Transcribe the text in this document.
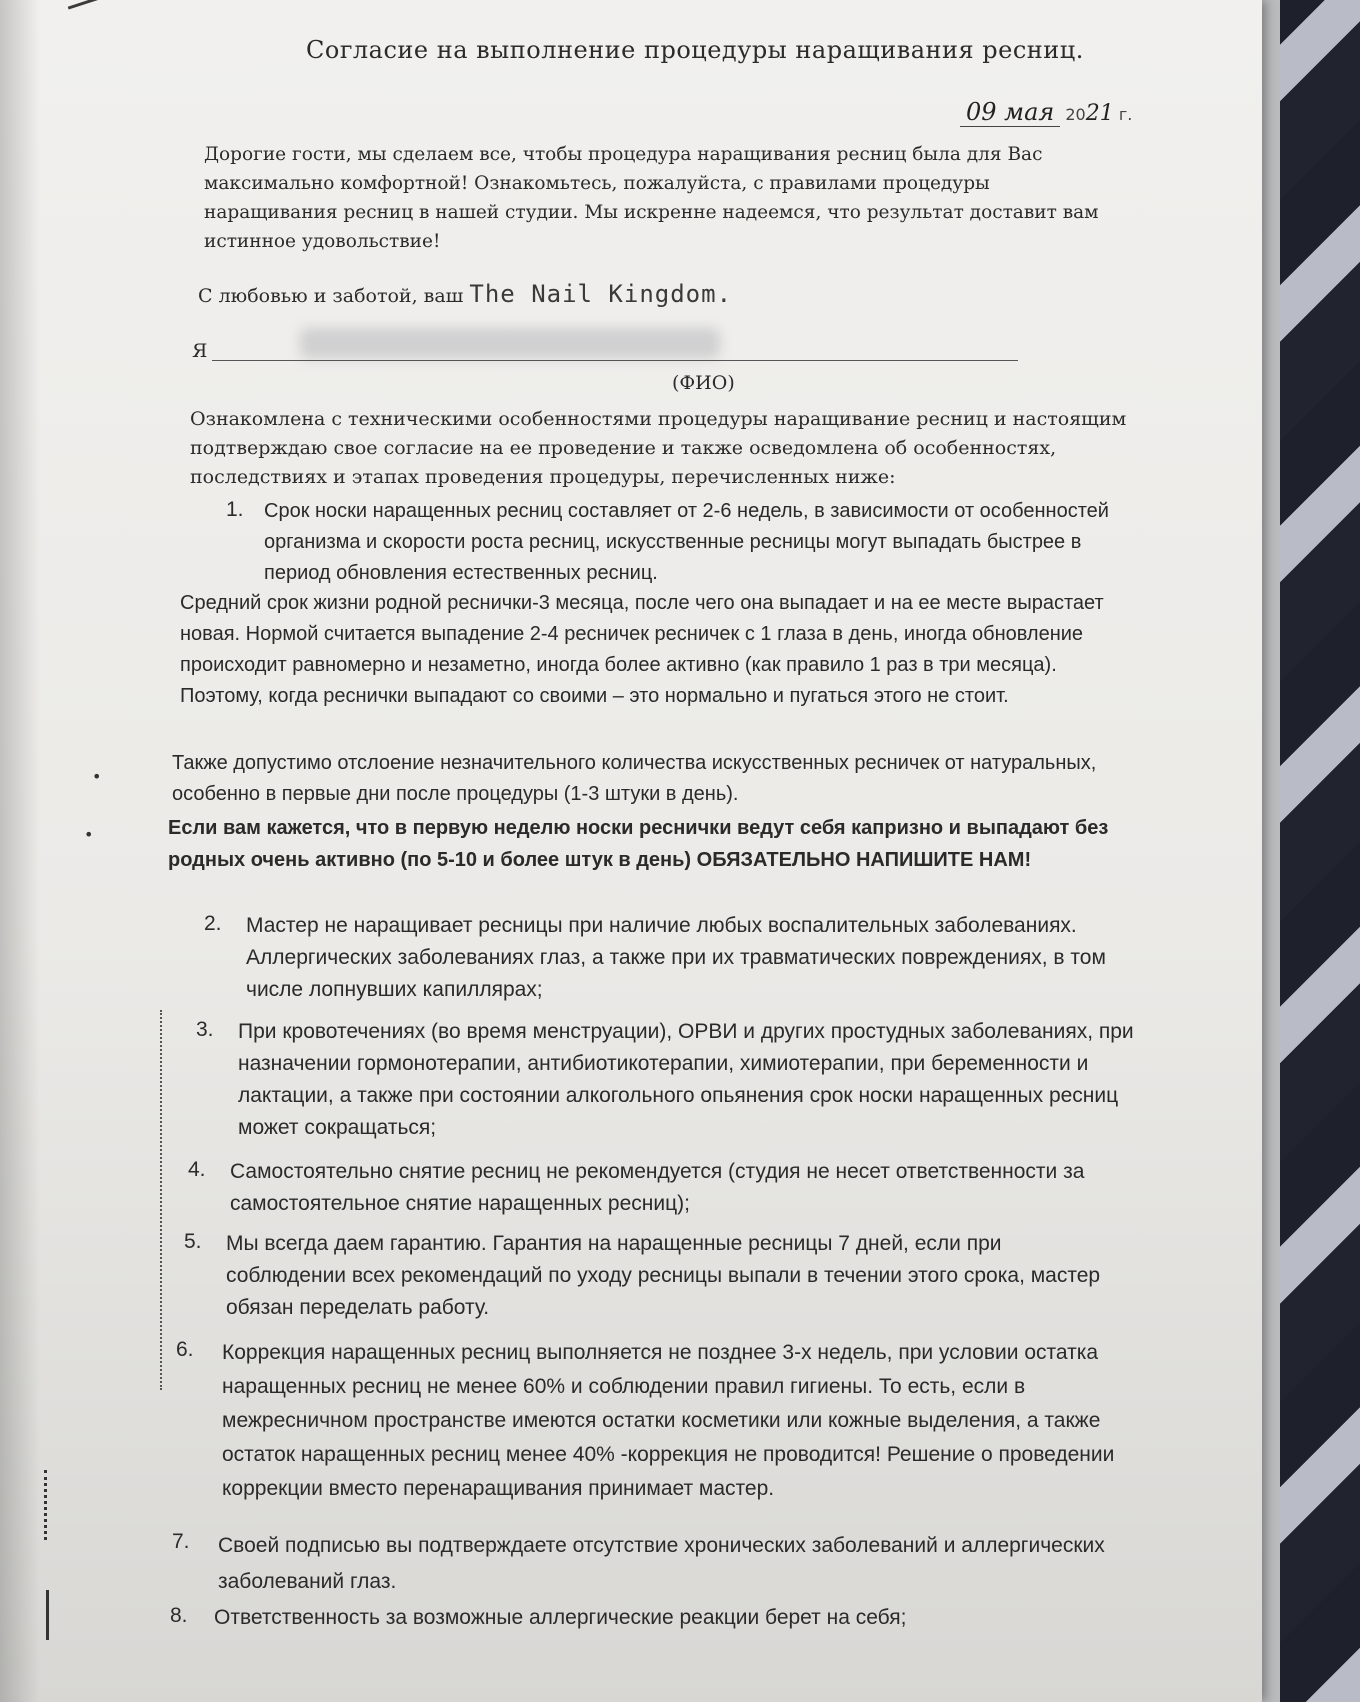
Согласие на выполнение процедуры наращивания ресниц.
09 мая 2021 г.
Дорогие гости, мы сделаем все, чтобы процедура наращивания ресниц была для Вас
максимально комфортной! Ознакомьтесь, пожалуйста, с правилами процедуры
наращивания ресниц в нашей студии. Мы искренне надеемся, что результат доставит вам
истинное удовольствие!
С любовью и заботой, ваш The Nail Kingdom.
Я
(ФИО)
Ознакомлена с техническими особенностями процедуры наращивание ресниц и настоящим
подтверждаю свое согласие на ее проведение и также осведомлена об особенностях,
последствиях и этапах проведения процедуры, перечисленных ниже:
1. Срок носки наращенных ресниц составляет от 2-6 недель, в зависимости от особенностей
организма и скорости роста ресниц, искусственные ресницы могут выпадать быстрее в
период обновления естественных ресниц.
Средний срок жизни родной реснички-3 месяца, после чего она выпадает и на ее месте вырастает
новая. Нормой считается выпадение 2-4 ресничек ресничек с 1 глаза в день, иногда обновление
происходит равномерно и незаметно, иногда более активно (как правило 1 раз в три месяца).
Поэтому, когда реснички выпадают со своими – это нормально и пугаться этого не стоит.
Также допустимо отслоение незначительного количества искусственных ресничек от натуральных,
особенно в первые дни после процедуры (1-3 штуки в день).
Если вам кажется, что в первую неделю носки реснички ведут себя капризно и выпадают без
родных очень активно (по 5-10 и более штук в день) ОБЯЗАТЕЛЬНО НАПИШИТЕ НАМ!
2. Мастер не наращивает ресницы при наличие любых воспалительных заболеваниях.
Аллергических заболеваниях глаз, а также при их травматических повреждениях, в том
числе лопнувших капиллярах;
3. При кровотечениях (во время менструации), ОРВИ и других простудных заболеваниях, при
назначении гормонотерапии, антибиотикотерапии, химиотерапии, при беременности и
лактации, а также при состоянии алкогольного опьянения срок носки наращенных ресниц
может сокращаться;
4. Самостоятельно снятие ресниц не рекомендуется (студия не несет ответственности за
самостоятельное снятие наращенных ресниц);
5. Мы всегда даем гарантию. Гарантия на наращенные ресницы 7 дней, если при
соблюдении всех рекомендаций по уходу ресницы выпали в течении этого срока, мастер
обязан переделать работу.
6. Коррекция наращенных ресниц выполняется не позднее 3-х недель, при условии остатка
наращенных ресниц не менее 60% и соблюдении правил гигиены. То есть, если в
межресничном пространстве имеются остатки косметики или кожные выделения, а также
остаток наращенных ресниц менее 40% -коррекция не проводится! Решение о проведении
коррекции вместо перенаращивания принимает мастер.
7. Своей подписью вы подтверждаете отсутствие хронических заболеваний и аллергических
заболеваний глаз.
8. Ответственность за возможные аллергические реакции берет на себя;
•
•
